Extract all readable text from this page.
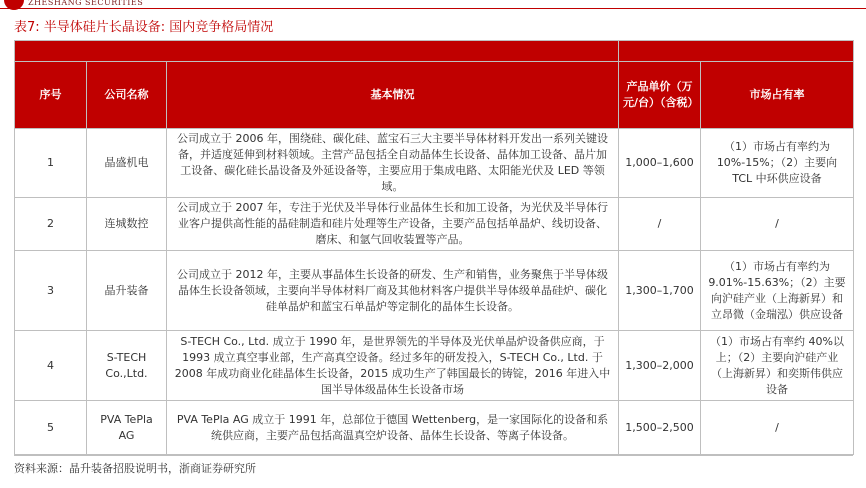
ZHESHANG SECURITIES
表7: 半导体硅片长晶设备: 国内竞争格局情况

序号	公司名称	基本情况	产品单价（万元/台）（含税）	市场占有率
1	晶盛机电	公司成立于 2006 年，围绕硅、碳化硅、蓝宝石三大主要半导体材料开发出一系列关键设备，并适度延伸到材料领域。主营产品包括全自动晶体生长设备、晶体加工设备、晶片加工设备、碳化硅长晶设备及外延设备等，主要应用于集成电路、太阳能光伏及 LED 等领域。	1,000–1,600	（1）市场占有率约为 10%-15%；（2）主要向 TCL 中环供应设备
2	连城数控	公司成立于 2007 年，专注于光伏及半导体行业晶体生长和加工设备，为光伏及半导体行业客户提供高性能的晶硅制造和硅片处理等生产设备，主要产品包括单晶炉、线切设备、磨床、和氩气回收装置等产品。	/	/
3	晶升装备	公司成立于 2012 年，主要从事晶体生长设备的研发、生产和销售，业务聚焦于半导体级晶体生长设备领域，主要向半导体材料厂商及其他材料客户提供半导体级单晶硅炉、碳化硅单晶炉和蓝宝石单晶炉等定制化的晶体生长设备。	1,300–1,700	（1）市场占有率约为 9.01%-15.63%；（2）主要向沪硅产业（上海新昇）和立昂微（金瑞泓）供应设备
4	S-TECH Co.,Ltd.	S-TECH Co., Ltd. 成立于 1990 年，是世界领先的半导体及光伏单晶炉设备供应商，于 1993 成立真空事业部，生产高真空设备。经过多年的研发投入，S-TECH Co., Ltd. 于 2008 年成功商业化硅晶体生长设备，2015 成功生产了韩国最长的铸锭，2016 年进入中国半导体级晶体生长设备市场	1,300–2,000	（1）市场占有率约 40%以上；（2）主要向沪硅产业（上海新昇）和奕斯伟供应设备
5	PVA TePla AG	PVA TePla AG 成立于 1991 年，总部位于德国 Wettenberg，是一家国际化的设备和系统供应商，主要产品包括高温真空炉设备、晶体生长设备、等离子体设备。	1,500–2,500	/
资料来源：晶升装备招股说明书，浙商证券研究所
